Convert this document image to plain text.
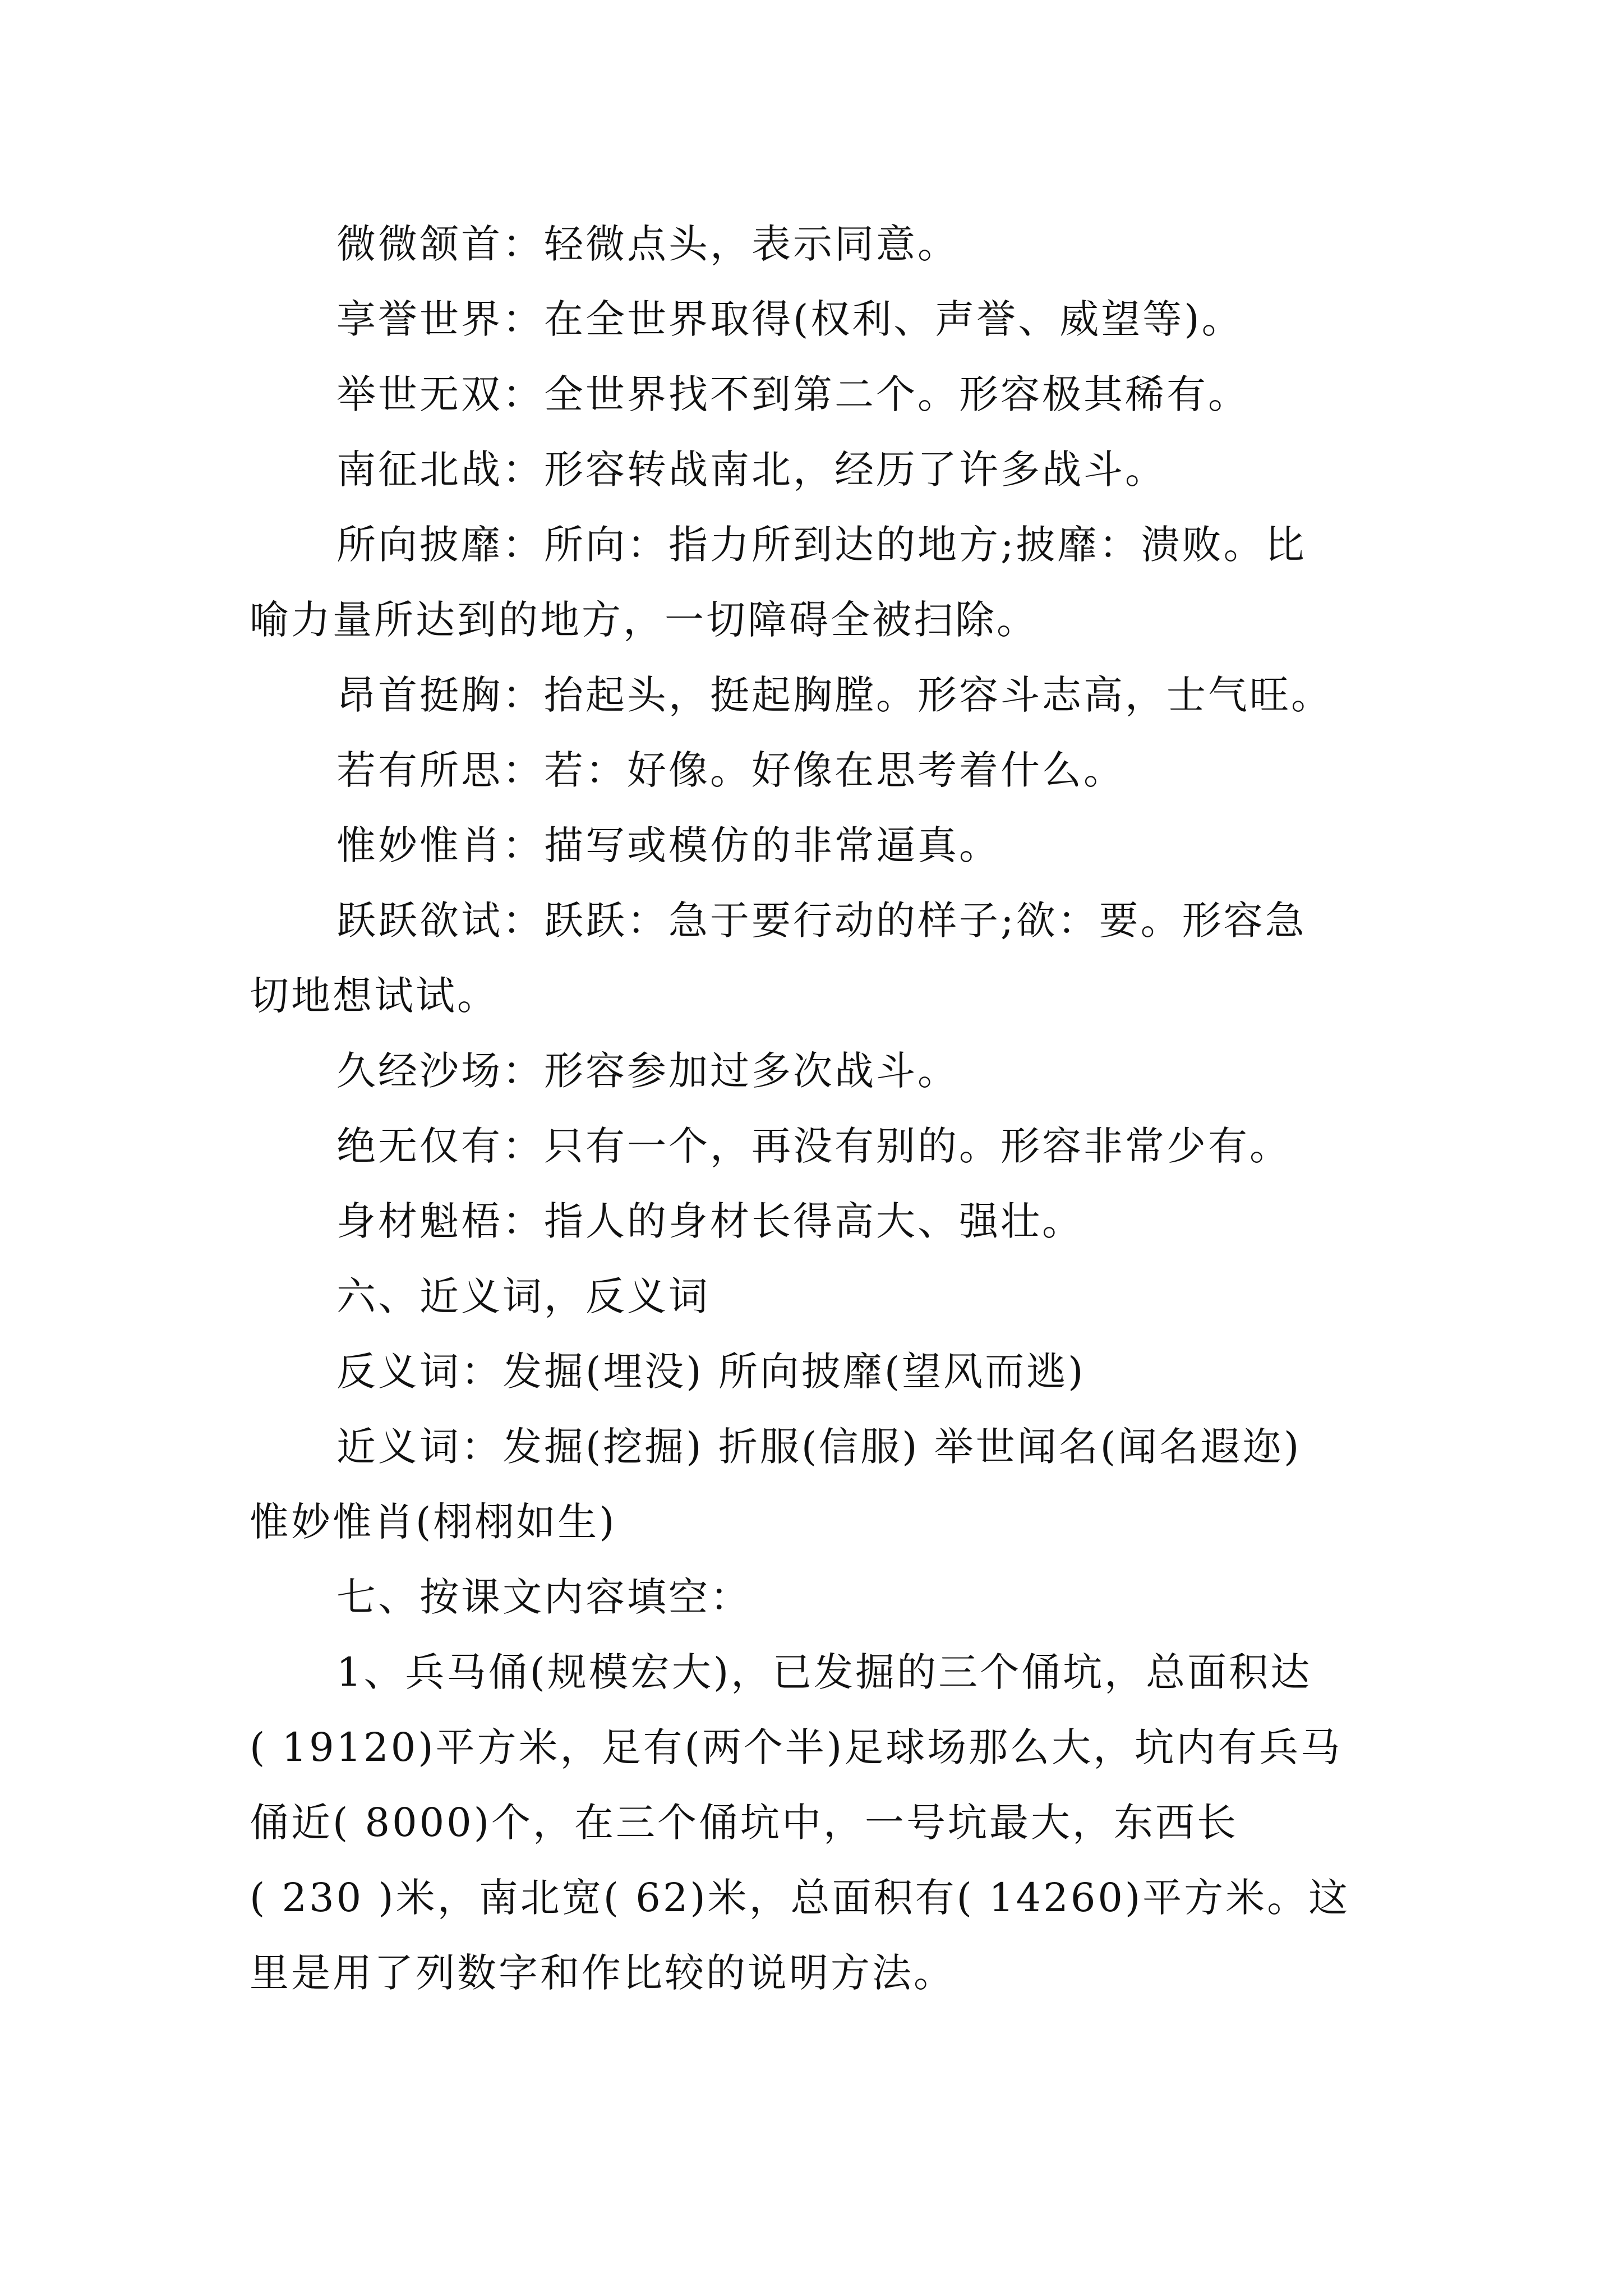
微微颔首：轻微点头，表示同意。

享誉世界：在全世界取得(权利、声誉、威望等)。

举世无双：全世界找不到第二个。形容极其稀有。

南征北战：形容转战南北，经历了许多战斗。

所向披靡：所向：指力所到达的地方;披靡：溃败。比
喻力量所达到的地方，一切障碍全被扫除。

昂首挺胸：抬起头，挺起胸膛。形容斗志高，士气旺。

若有所思：若：好像。好像在思考着什么。

惟妙惟肖：描写或模仿的非常逼真。

跃跃欲试：跃跃：急于要行动的样子;欲：要。形容急
切地想试试。

久经沙场：形容参加过多次战斗。

绝无仅有：只有一个，再没有别的。形容非常少有。

身材魁梧：指人的身材长得高大、强壮。

六、近义词，反义词

反义词：发掘(埋没) 所向披靡(望风而逃)

近义词：发掘(挖掘) 折服(信服) 举世闻名(闻名遐迩)
惟妙惟肖(栩栩如生)

七、按课文内容填空：

1、兵马俑(规模宏大)，已发掘的三个俑坑，总面积达
( 19120)平方米，足有(两个半)足球场那么大，坑内有兵马
俑近( 8000)个，在三个俑坑中，一号坑最大，东西长
( 230 )米，南北宽( 62)米，总面积有( 14260)平方米。这
里是用了列数字和作比较的说明方法。
